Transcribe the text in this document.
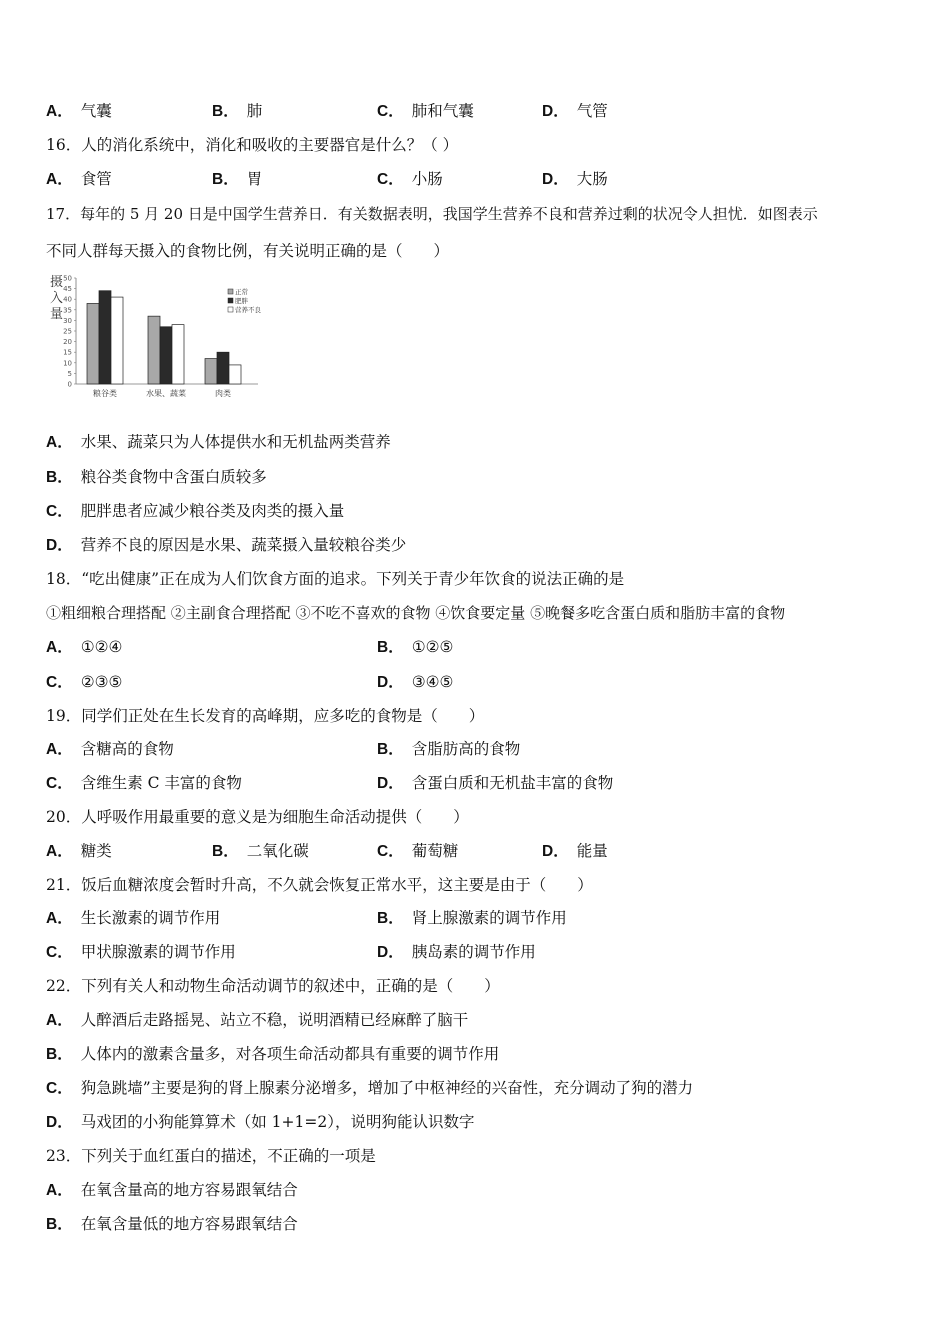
A． 气囊	B． 肺	C． 肺和气囊	D． 气管
16．人的消化系统中，消化和吸收的主要器官是什么？（ ）
A． 食管	B． 胃	C． 小肠	D． 大肠
17．每年的 5 月 20 日是中国学生营养日．有关数据表明，我国学生营养不良和营养过剩的状况令人担忧．如图表示
不同人群每天摄入的食物比例，有关说明正确的是（　　）
摄
入
量
50
45
40
35
30
25
20
15
10
5
0
粮谷类	水果、蔬菜	肉类
正常
肥胖
营养不良
A． 水果、蔬菜只为人体提供水和无机盐两类营养
B． 粮谷类食物中含蛋白质较多
C． 肥胖患者应减少粮谷类及肉类的摄入量
D． 营养不良的原因是水果、蔬菜摄入量较粮谷类少
18．“吃出健康”正在成为人们饮食方面的追求。下列关于青少年饮食的说法正确的是
①粗细粮合理搭配 ②主副食合理搭配 ③不吃不喜欢的食物 ④饮食要定量 ⑤晚餐多吃含蛋白质和脂肪丰富的食物
A． ①②④	B． ①②⑤
C． ②③⑤	D． ③④⑤
19．同学们正处在生长发育的高峰期，应多吃的食物是（　　）
A． 含糖高的食物	B． 含脂肪高的食物
C． 含维生素 C 丰富的食物	D． 含蛋白质和无机盐丰富的食物
20．人呼吸作用最重要的意义是为细胞生命活动提供（　　）
A． 糖类	B． 二氧化碳	C． 葡萄糖	D． 能量
21．饭后血糖浓度会暂时升高，不久就会恢复正常水平，这主要是由于（　　）
A． 生长激素的调节作用	B． 肾上腺激素的调节作用
C． 甲状腺激素的调节作用	D． 胰岛素的调节作用
22．下列有关人和动物生命活动调节的叙述中，正确的是（　　）
A． 人醉酒后走路摇晃、站立不稳，说明酒精已经麻醉了脑干
B． 人体内的激素含量多，对各项生命活动都具有重要的调节作用
C． 狗急跳墙”主要是狗的肾上腺素分泌增多，增加了中枢神经的兴奋性，充分调动了狗的潜力
D． 马戏团的小狗能算算术（如 1+1=2），说明狗能认识数字
23．下列关于血红蛋白的描述，不正确的一项是
A． 在氧含量高的地方容易跟氧结合
B． 在氧含量低的地方容易跟氧结合
